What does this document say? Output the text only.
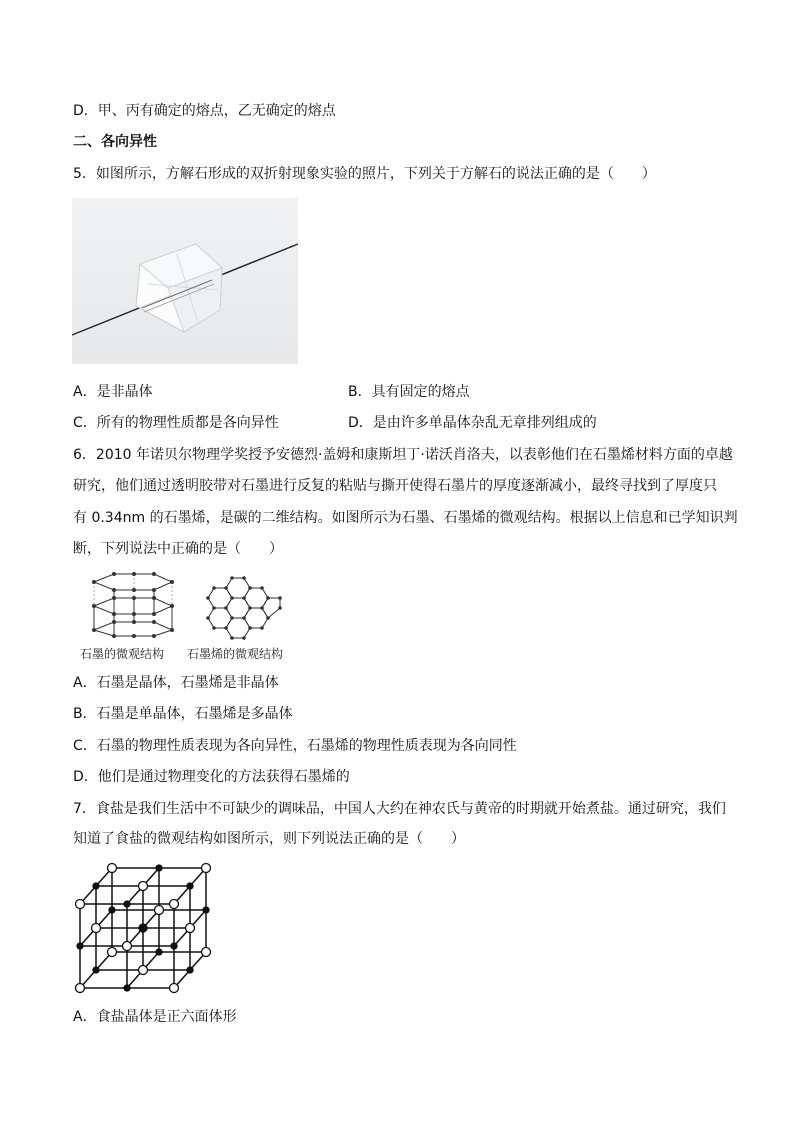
D．甲、丙有确定的熔点，乙无确定的熔点
二、各向异性
5．如图所示，方解石形成的双折射现象实验的照片，下列关于方解石的说法正确的是（　　）
A．是非晶体	B．具有固定的熔点
C．所有的物理性质都是各向异性	D．是由许多单晶体杂乱无章排列组成的
6．2010 年诺贝尔物理学奖授予安德烈·盖姆和康斯坦丁·诺沃肖洛夫，以表彰他们在石墨烯材料方面的卓越
研究，他们通过透明胶带对石墨进行反复的粘贴与撕开使得石墨片的厚度逐渐减小，最终寻找到了厚度只
有 0.34nm 的石墨烯，是碳的二维结构。如图所示为石墨、石墨烯的微观结构。根据以上信息和已学知识判
断，下列说法中正确的是（　　）
石墨的微观结构 石墨烯的微观结构
A．石墨是晶体，石墨烯是非晶体
B．石墨是单晶体，石墨烯是多晶体
C．石墨的物理性质表现为各向异性，石墨烯的物理性质表现为各向同性
D．他们是通过物理变化的方法获得石墨烯的
7．食盐是我们生活中不可缺少的调味品，中国人大约在神农氏与黄帝的时期就开始煮盐。通过研究，我们
知道了食盐的微观结构如图所示，则下列说法正确的是（　　）
A．食盐晶体是正六面体形
